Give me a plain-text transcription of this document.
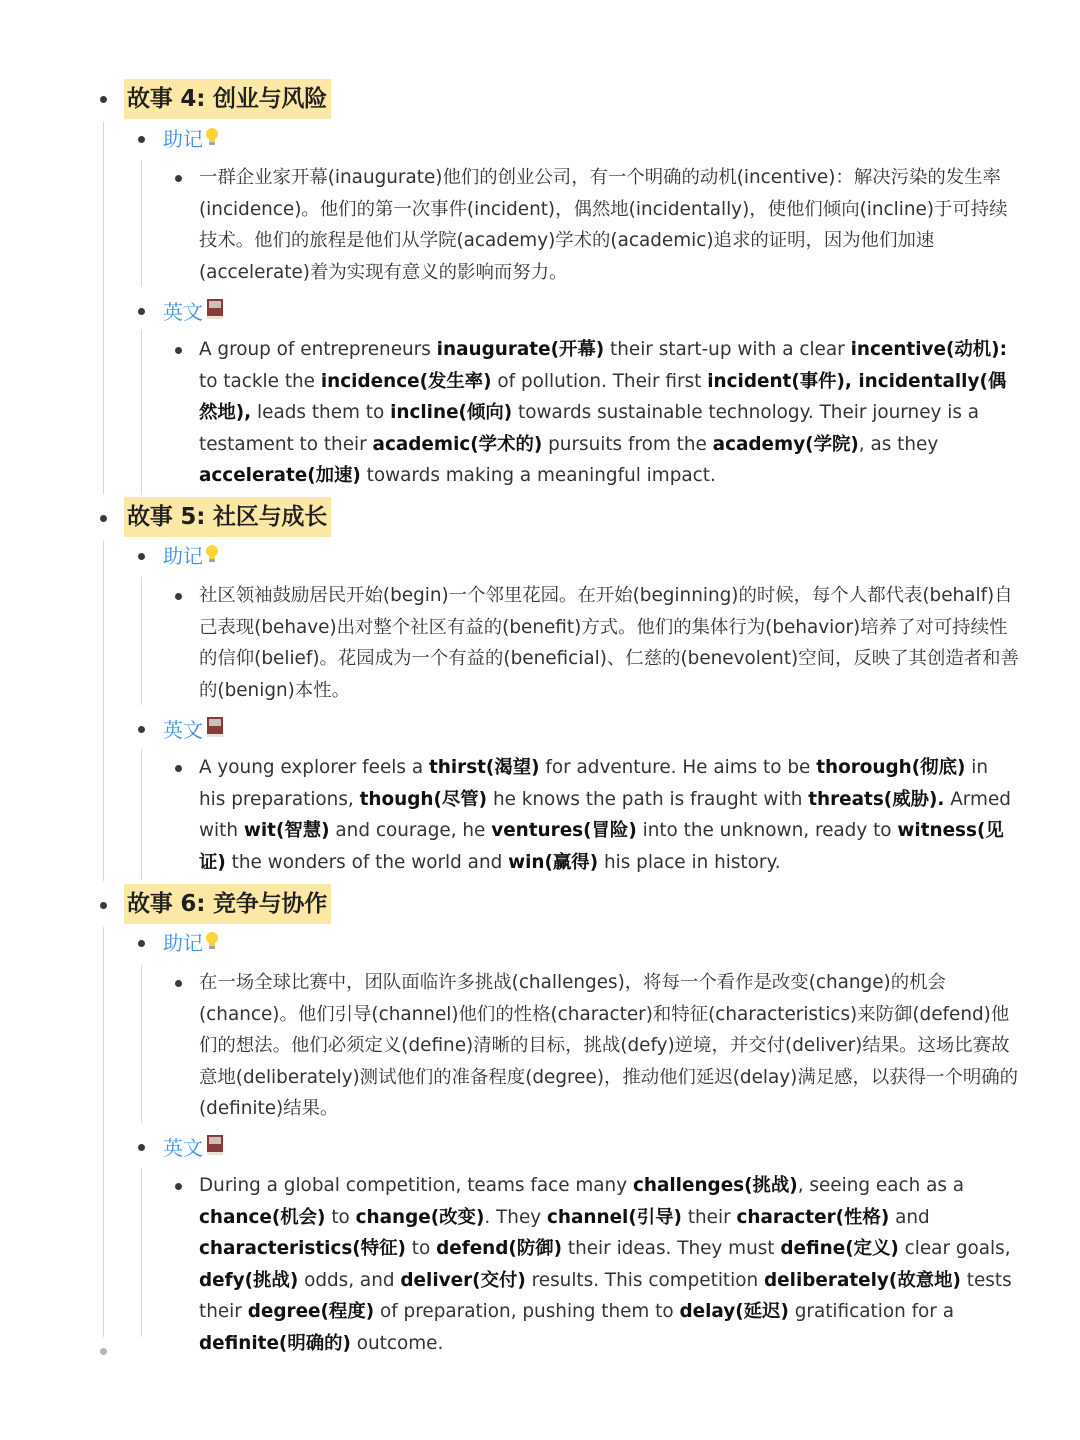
故事 4: 创业与风险
助记
一群企业家开幕(inaugurate)他们的创业公司，有一个明确的动机(incentive)：解决污染的发生率(incidence)。他们的第一次事件(incident)，偶然地(incidentally)，使他们倾向(incline)于可持续技术。他们的旅程是他们从学院(academy)学术的(academic)追求的证明，因为他们加速(accelerate)着为实现有意义的影响而努力。
英文
A group of entrepreneurs inaugurate(开幕) their start-up with a clear incentive(动机): to tackle the incidence(发生率) of pollution. Their first incident(事件), incidentally(偶然地), leads them to incline(倾向) towards sustainable technology. Their journey is a testament to their academic(学术的) pursuits from the academy(学院), as they accelerate(加速) towards making a meaningful impact.
故事 5: 社区与成长
助记
社区领袖鼓励居民开始(begin)一个邻里花园。在开始(beginning)的时候，每个人都代表(behalf)自己表现(behave)出对整个社区有益的(benefit)方式。他们的集体行为(behavior)培养了对可持续性的信仰(belief)。花园成为一个有益的(beneficial)、仁慈的(benevolent)空间，反映了其创造者和善的(benign)本性。
英文
A young explorer feels a thirst(渴望) for adventure. He aims to be thorough(彻底) in his preparations, though(尽管) he knows the path is fraught with threats(威胁). Armed with wit(智慧) and courage, he ventures(冒险) into the unknown, ready to witness(见证) the wonders of the world and win(赢得) his place in history.
故事 6: 竞争与协作
助记
在一场全球比赛中，团队面临许多挑战(challenges)，将每一个看作是改变(change)的机会(chance)。他们引导(channel)他们的性格(character)和特征(characteristics)来防御(defend)他们的想法。他们必须定义(define)清晰的目标，挑战(defy)逆境，并交付(deliver)结果。这场比赛故意地(deliberately)测试他们的准备程度(degree)，推动他们延迟(delay)满足感，以获得一个明确的(definite)结果。
英文
During a global competition, teams face many challenges(挑战), seeing each as a chance(机会) to change(改变). They channel(引导) their character(性格) and characteristics(特征) to defend(防御) their ideas. They must define(定义) clear goals, defy(挑战) odds, and deliver(交付) results. This competition deliberately(故意地) tests their degree(程度) of preparation, pushing them to delay(延迟) gratification for a definite(明确的) outcome.
